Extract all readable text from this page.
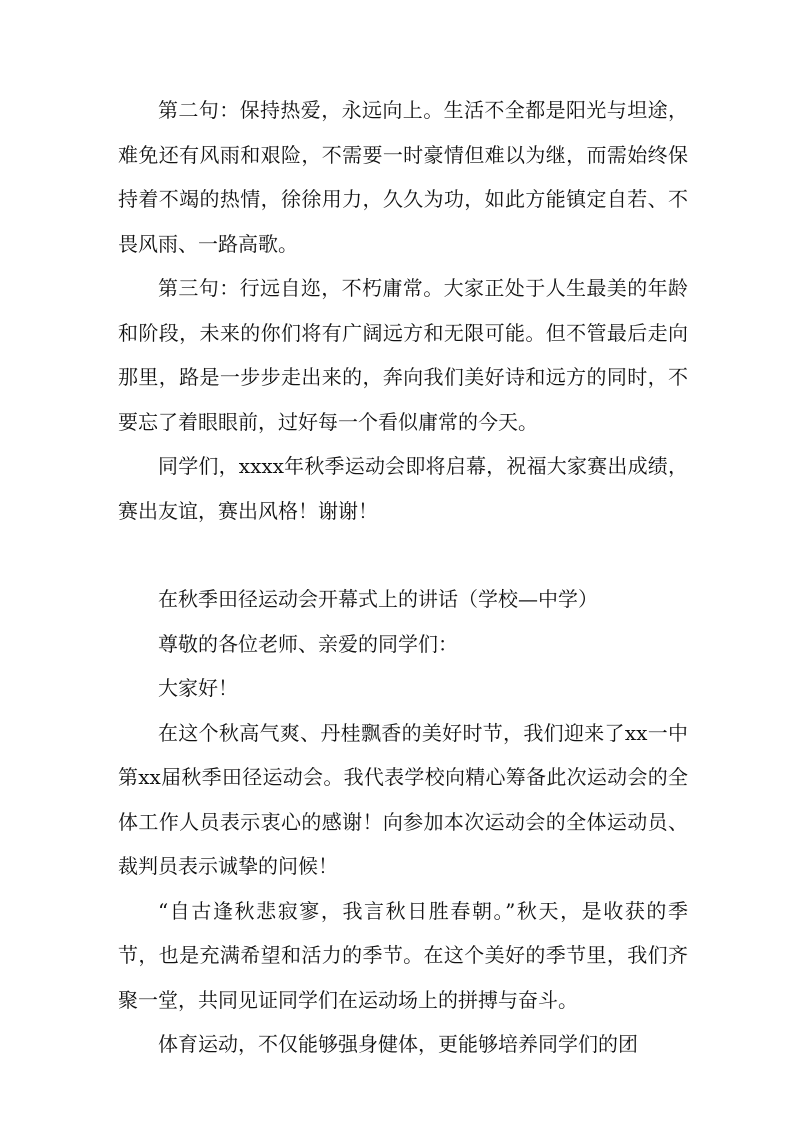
第二句：保持热爱，永远向上。生活不全都是阳光与坦途，难免还有风雨和艰险，不需要一时豪情但难以为继，而需始终保持着不竭的热情，徐徐用力，久久为功，如此方能镇定自若、不畏风雨、一路高歌。

第三句：行远自迩，不朽庸常。大家正处于人生最美的年龄和阶段，未来的你们将有广阔远方和无限可能。但不管最后走向那里，路是一步步走出来的，奔向我们美好诗和远方的同时，不要忘了着眼眼前，过好每一个看似庸常的今天。

同学们，xxxx年秋季运动会即将启幕，祝福大家赛出成绩，赛出友谊，赛出风格！谢谢！

在秋季田径运动会开幕式上的讲话（学校—中学）

尊敬的各位老师、亲爱的同学们：

大家好！

在这个秋高气爽、丹桂飘香的美好时节，我们迎来了xx一中第xx届秋季田径运动会。我代表学校向精心筹备此次运动会的全体工作人员表示衷心的感谢！向参加本次运动会的全体运动员、裁判员表示诚挚的问候！

“自古逢秋悲寂寥，我言秋日胜春朝。”秋天，是收获的季节，也是充满希望和活力的季节。在这个美好的季节里，我们齐聚一堂，共同见证同学们在运动场上的拼搏与奋斗。

体育运动，不仅能够强身健体，更能够培养同学们的团
